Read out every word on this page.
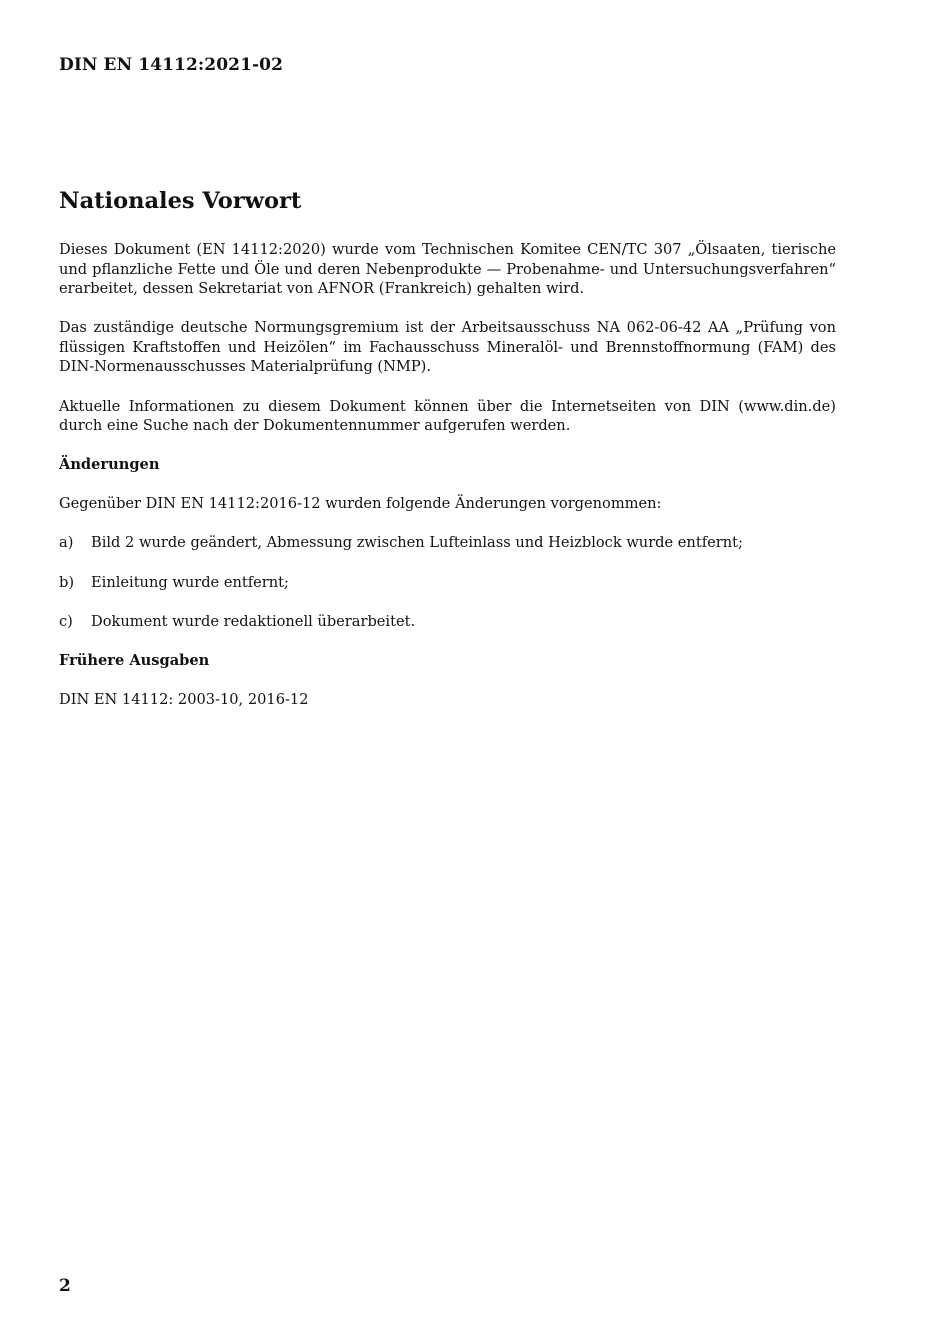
DIN EN 14112:2021-02
Nationales Vorwort

Dieses Dokument (EN 14112:2020) wurde vom Technischen Komitee CEN/TC 307 „Ölsaaten, tierische und pflanzliche Fette und Öle und deren Nebenprodukte — Probenahme- und Untersuchungsverfahren“ erarbeitet, dessen Sekretariat von AFNOR (Frankreich) gehalten wird.

Das zuständige deutsche Normungsgremium ist der Arbeitsausschuss NA 062-06-42 AA „Prüfung von flüssigen Kraftstoffen und Heizölen“ im Fachausschuss Mineralöl- und Brennstoffnormung (FAM) des DIN-Normenausschusses Materialprüfung (NMP).

Aktuelle Informationen zu diesem Dokument können über die Internetseiten von DIN (www.din.de) durch eine Suche nach der Dokumentennummer aufgerufen werden.

Änderungen

Gegenüber DIN EN 14112:2016-12 wurden folgende Änderungen vorgenommen:

a)	Bild 2 wurde geändert, Abmessung zwischen Lufteinlass und Heizblock wurde entfernt;
b)	Einleitung wurde entfernt;
c)	Dokument wurde redaktionell überarbeitet.
Frühere Ausgaben

DIN EN 14112: 2003-10, 2016-12

2
